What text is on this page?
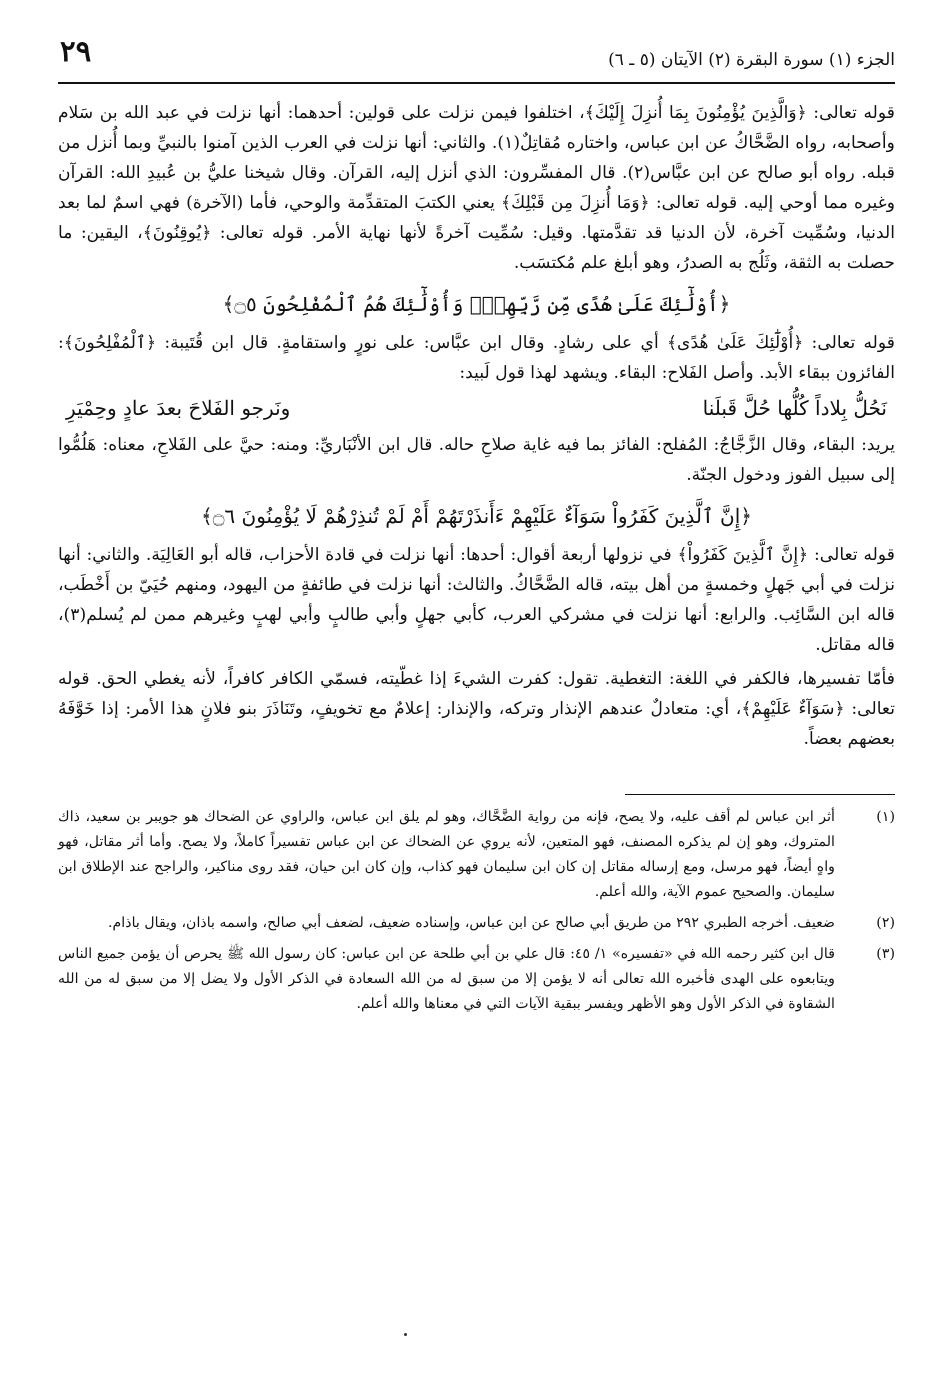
٢٩	الجزء (١) سورة البقرة (٢) الآيتان (٥ ـ ٦)

قوله تعالى: ﴿وَالَّذِينَ يُؤْمِنُونَ بِمَا أُنزِلَ إِلَيْكَ﴾، اختلفوا فيمن نزلت على قولين: أحدهما: أنها نزلت في عبد الله بن سَلام وأصحابه، رواه الضَّحَّاكُ عن ابن عباس، واختاره مُقاتِلٌ(١). والثاني: أنها نزلت في العرب الذين آمنوا بالنبيِّ وبما أُنزل من قبله. رواه أبو صالح عن ابن عبَّاس(٢). قال المفسِّرون: الذي أنزل إليه، القرآن. وقال شيخنا عليُّ بن عُبيدِ الله: القرآن وغيره مما أوحي إليه. قوله تعالى: ﴿وَمَا أُنزِلَ مِن قَبْلِكَ﴾ يعني الكتبَ المتقدِّمة والوحي، فأما (الآخرة) فهي اسمٌ لما بعد الدنيا، وسُمِّيت آخرة، لأن الدنيا قد تقدَّمتها. وقيل: سُمِّيت آخرةً لأنها نهاية الأمر. قوله تعالى: ﴿يُوقِنُونَ﴾، اليقين: ما حصلت به الثقة، وثَلُج به الصدرُ، وهو أبلغ علم مُكتسَب.

﴿أُوْلَٰٓئِكَ عَلَىٰ هُدًى مِّن رَّبِّهِمْۖ وَأُوْلَٰٓئِكَ هُمُ ٱلْمُفْلِحُونَ ۝٥﴾

قوله تعالى: ﴿أُوْلَٰٓئِكَ عَلَىٰ هُدًى﴾ أي على رشادٍ. وقال ابن عبَّاس: على نورٍ واستقامةٍ. قال ابن قُتَيبة: ﴿ٱلْمُفْلِحُونَ﴾: الفائزون ببقاء الأبد. وأصل الفَلاح: البقاء. ويشهد لهذا قول لَبيد:

نَحُلُّ بِلاداً كُلُّها حُلَّ قَبلَنا
ونَرجو الفَلاحَ بعدَ عادٍ وحِمْيَرِ

يريد: البقاء، وقال الزَّجَّاجُ: المُفلح: الفائز بما فيه غاية صلاحِ حاله. قال ابن الأنْبَاريِّ: ومنه: حيَّ على الفَلاحِ، معناه: هَلُمُّوا إلى سبيل الفوز ودخول الجنّة.

﴿إِنَّ ٱلَّذِينَ كَفَرُواْ سَوَآءٌ عَلَيْهِمْ ءَأَنذَرْتَهُمْ أَمْ لَمْ تُنذِرْهُمْ لَا يُؤْمِنُونَ ۝٦﴾

قوله تعالى: ﴿إِنَّ ٱلَّذِينَ كَفَرُواْ﴾ في نزولها أربعة أقوال: أحدها: أنها نزلت في قادة الأحزاب، قاله أبو العَالِيَة. والثاني: أنها نزلت في أبي جَهلٍ وخمسةٍ من أهل بيته، قاله الضَّحَّاكُ. والثالث: أنها نزلت في طائفةٍ من اليهود، ومنهم حُيَيّ بن أَخْطَب، قاله ابن السَّائِب. والرابع: أنها نزلت في مشركي العرب، كأبي جهلٍ وأبي طالبٍ وأبي لهبٍ وغيرهم ممن لم يُسلم(٣)، قاله مقاتل.

فأمّا تفسيرها، فالكفر في اللغة: التغطية. تقول: كفرت الشيءَ إذا غطّيته، فسمّي الكافر كافراً، لأنه يغطي الحق. قوله تعالى: ﴿سَوَآءٌ عَلَيْهِمْ﴾، أي: متعادلٌ عندهم الإنذار وتركه، والإنذار: إعلامٌ مع تخويفٍ، وتَنَاذَرَ بنو فلانٍ هذا الأمر: إذا خَوَّفَهُ بعضهم بعضاً.

(١)
أثر ابن عباس لم أقف عليه، ولا يصح، فإنه من رواية الضَّحَّاك، وهو لم يلق ابن عباس، والراوي عن الضحاك هو جويبر بن سعيد، ذاك المتروك، وهو إن لم يذكره المصنف، فهو المتعين، لأنه يروي عن الضحاك عن ابن عباس تفسيراً كاملاً، ولا يصح. وأما أثر مقاتل، فهو واهٍ أيضاً، فهو مرسل، ومع إرساله مقاتل إن كان ابن سليمان فهو كذاب، وإن كان ابن حيان، فقد روى مناكير، والراجح عند الإطلاق ابن سليمان. والصحيح عموم الآية، والله أعلم.
(٢)
ضعيف. أخرجه الطبري ٢٩٢ من طريق أبي صالح عن ابن عباس، وإسناده ضعيف، لضعف أبي صالح، واسمه باذان، ويقال باذام.
(٣)
قال ابن كثير رحمه الله في «تفسيره» ١/ ٤٥: قال علي بن أبي طلحة عن ابن عباس: كان رسول الله ﷺ يحرص أن يؤمن جميع الناس ويتابعوه على الهدى فأخبره الله تعالى أنه لا يؤمن إلا من سبق له من الله السعادة في الذكر الأول ولا يضل إلا من سبق له من الله الشقاوة في الذكر الأول وهو الأظهر ويفسر ببقية الآيات التي في معناها والله أعلم.
